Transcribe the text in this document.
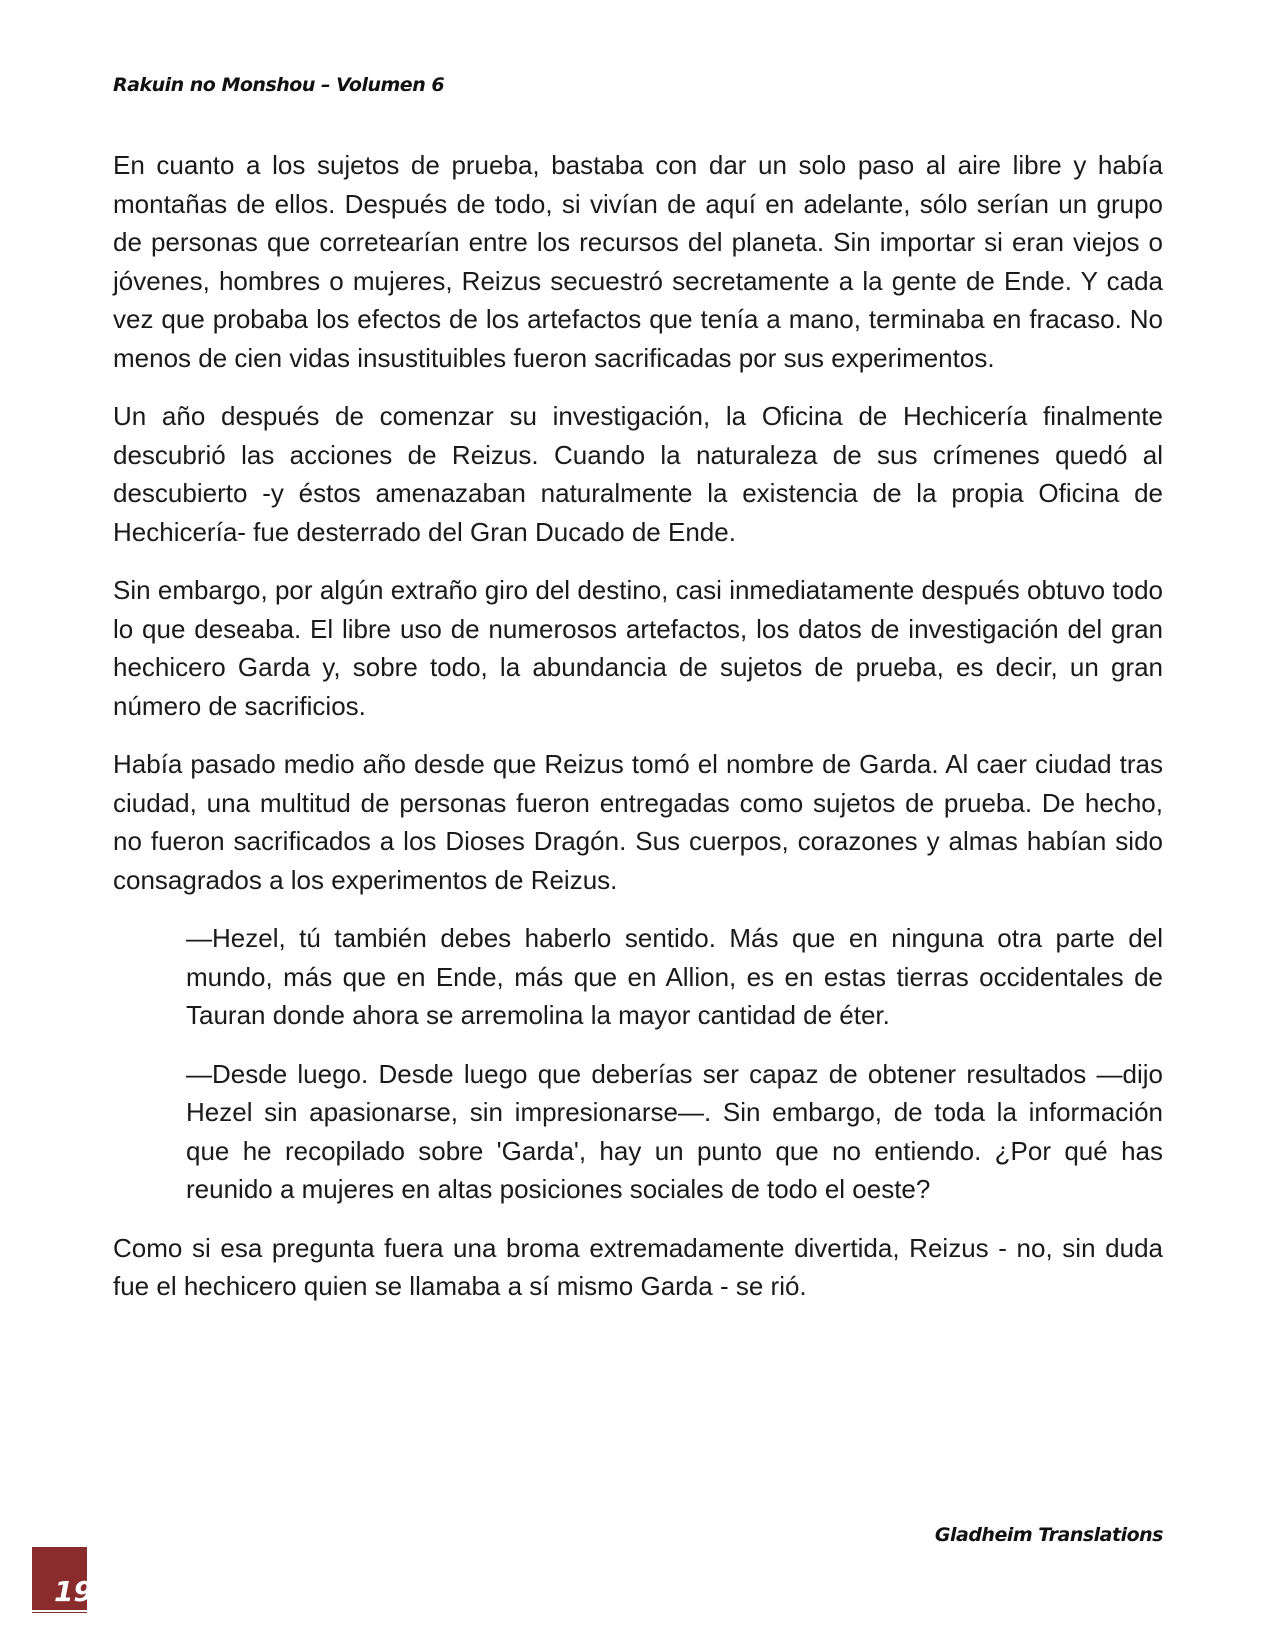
Rakuin no Monshou – Volumen 6

En cuanto a los sujetos de prueba, bastaba con dar un solo paso al aire libre y había montañas de ellos. Después de todo, si vivían de aquí en adelante, sólo serían un grupo de personas que corretearían entre los recursos del planeta. Sin importar si eran viejos o jóvenes, hombres o mujeres, Reizus secuestró secretamente a la gente de Ende. Y cada vez que probaba los efectos de los artefactos que tenía a mano, terminaba en fracaso. No menos de cien vidas insustituibles fueron sacrificadas por sus experimentos.

Un año después de comenzar su investigación, la Oficina de Hechicería finalmente descubrió las acciones de Reizus. Cuando la naturaleza de sus crímenes quedó al descubierto -y éstos amenazaban naturalmente la existencia de la propia Oficina de Hechicería- fue desterrado del Gran Ducado de Ende.

Sin embargo, por algún extraño giro del destino, casi inmediatamente después obtuvo todo lo que deseaba. El libre uso de numerosos artefactos, los datos de investigación del gran hechicero Garda y, sobre todo, la abundancia de sujetos de prueba, es decir, un gran número de sacrificios.

Había pasado medio año desde que Reizus tomó el nombre de Garda. Al caer ciudad tras ciudad, una multitud de personas fueron entregadas como sujetos de prueba. De hecho, no fueron sacrificados a los Dioses Dragón. Sus cuerpos, corazones y almas habían sido consagrados a los experimentos de Reizus.

—Hezel, tú también debes haberlo sentido. Más que en ninguna otra parte del mundo, más que en Ende, más que en Allion, es en estas tierras occidentales de Tauran donde ahora se arremolina la mayor cantidad de éter.

—Desde luego. Desde luego que deberías ser capaz de obtener resultados —dijo Hezel sin apasionarse, sin impresionarse—. Sin embargo, de toda la información que he recopilado sobre 'Garda', hay un punto que no entiendo. ¿Por qué has reunido a mujeres en altas posiciones sociales de todo el oeste?

Como si esa pregunta fuera una broma extremadamente divertida, Reizus - no, sin duda fue el hechicero quien se llamaba a sí mismo Garda - se rió.

Gladheim Translations
19
